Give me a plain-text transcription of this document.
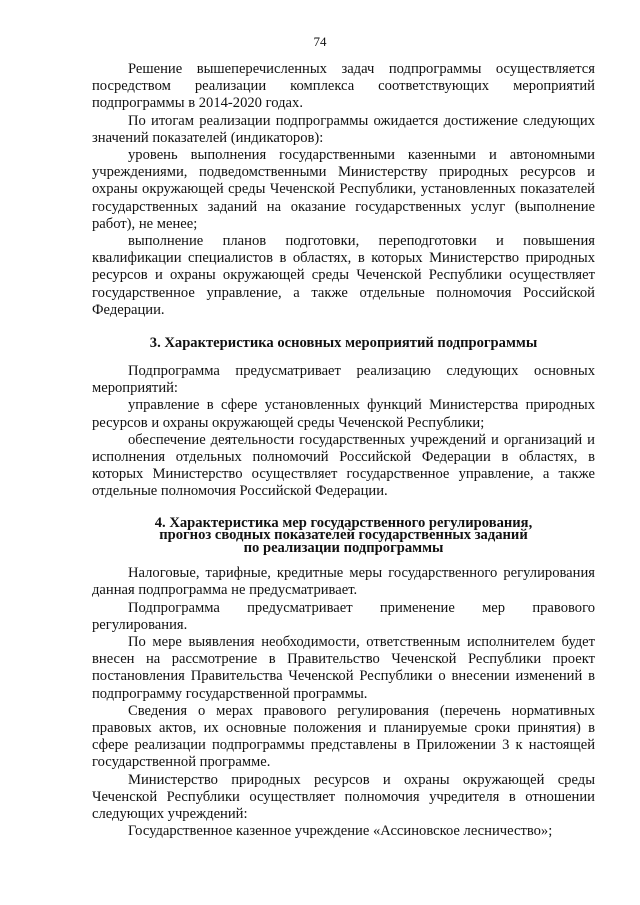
74

Решение вышеперечисленных задач подпрограммы осуществляется посредством реализации комплекса соответствующих мероприятий подпрограммы в 2014-2020 годах.

По итогам реализации подпрограммы ожидается достижение следующих значений показателей (индикаторов):

уровень выполнения государственными казенными и автономными учреждениями, подведомственными Министерству природных ресурсов и охраны окружающей среды Чеченской Республики, установленных показателей государственных заданий на оказание государственных услуг (выполнение работ), не менее;

выполнение планов подготовки, переподготовки и повышения квалификации специалистов в областях, в которых Министерство природных ресурсов и охраны окружающей среды Чеченской Республики осуществляет государственное управление, а также отдельные полномочия Российской Федерации.

3. Характеристика основных мероприятий подпрограммы

Подпрограмма предусматривает реализацию следующих основных мероприятий:

управление в сфере установленных функций Министерства природных ресурсов и охраны окружающей среды Чеченской Республики;

обеспечение деятельности государственных учреждений и организаций и исполнения отдельных полномочий Российской Федерации в областях, в которых Министерство осуществляет государственное управление, а также отдельные полномочия Российской Федерации.

4. Характеристика мер государственного регулирования,

прогноз сводных показателей государственных заданий

по реализации подпрограммы

Налоговые, тарифные, кредитные меры государственного регулирования данная подпрограмма не предусматривает.

Подпрограмма предусматривает применение мер правового регулирования.

По мере выявления необходимости, ответственным исполнителем будет внесен на рассмотрение в Правительство Чеченской Республики проект постановления Правительства Чеченской Республики о внесении изменений в подпрограмму государственной программы.

Сведения о мерах правового регулирования (перечень нормативных правовых актов, их основные положения и планируемые сроки принятия) в сфере реализации подпрограммы представлены в Приложении 3 к настоящей государственной программе.

Министерство природных ресурсов и охраны окружающей среды Чеченской Республики осуществляет полномочия учредителя в отношении следующих учреждений:

Государственное казенное учреждение «Ассиновское лесничество»;
